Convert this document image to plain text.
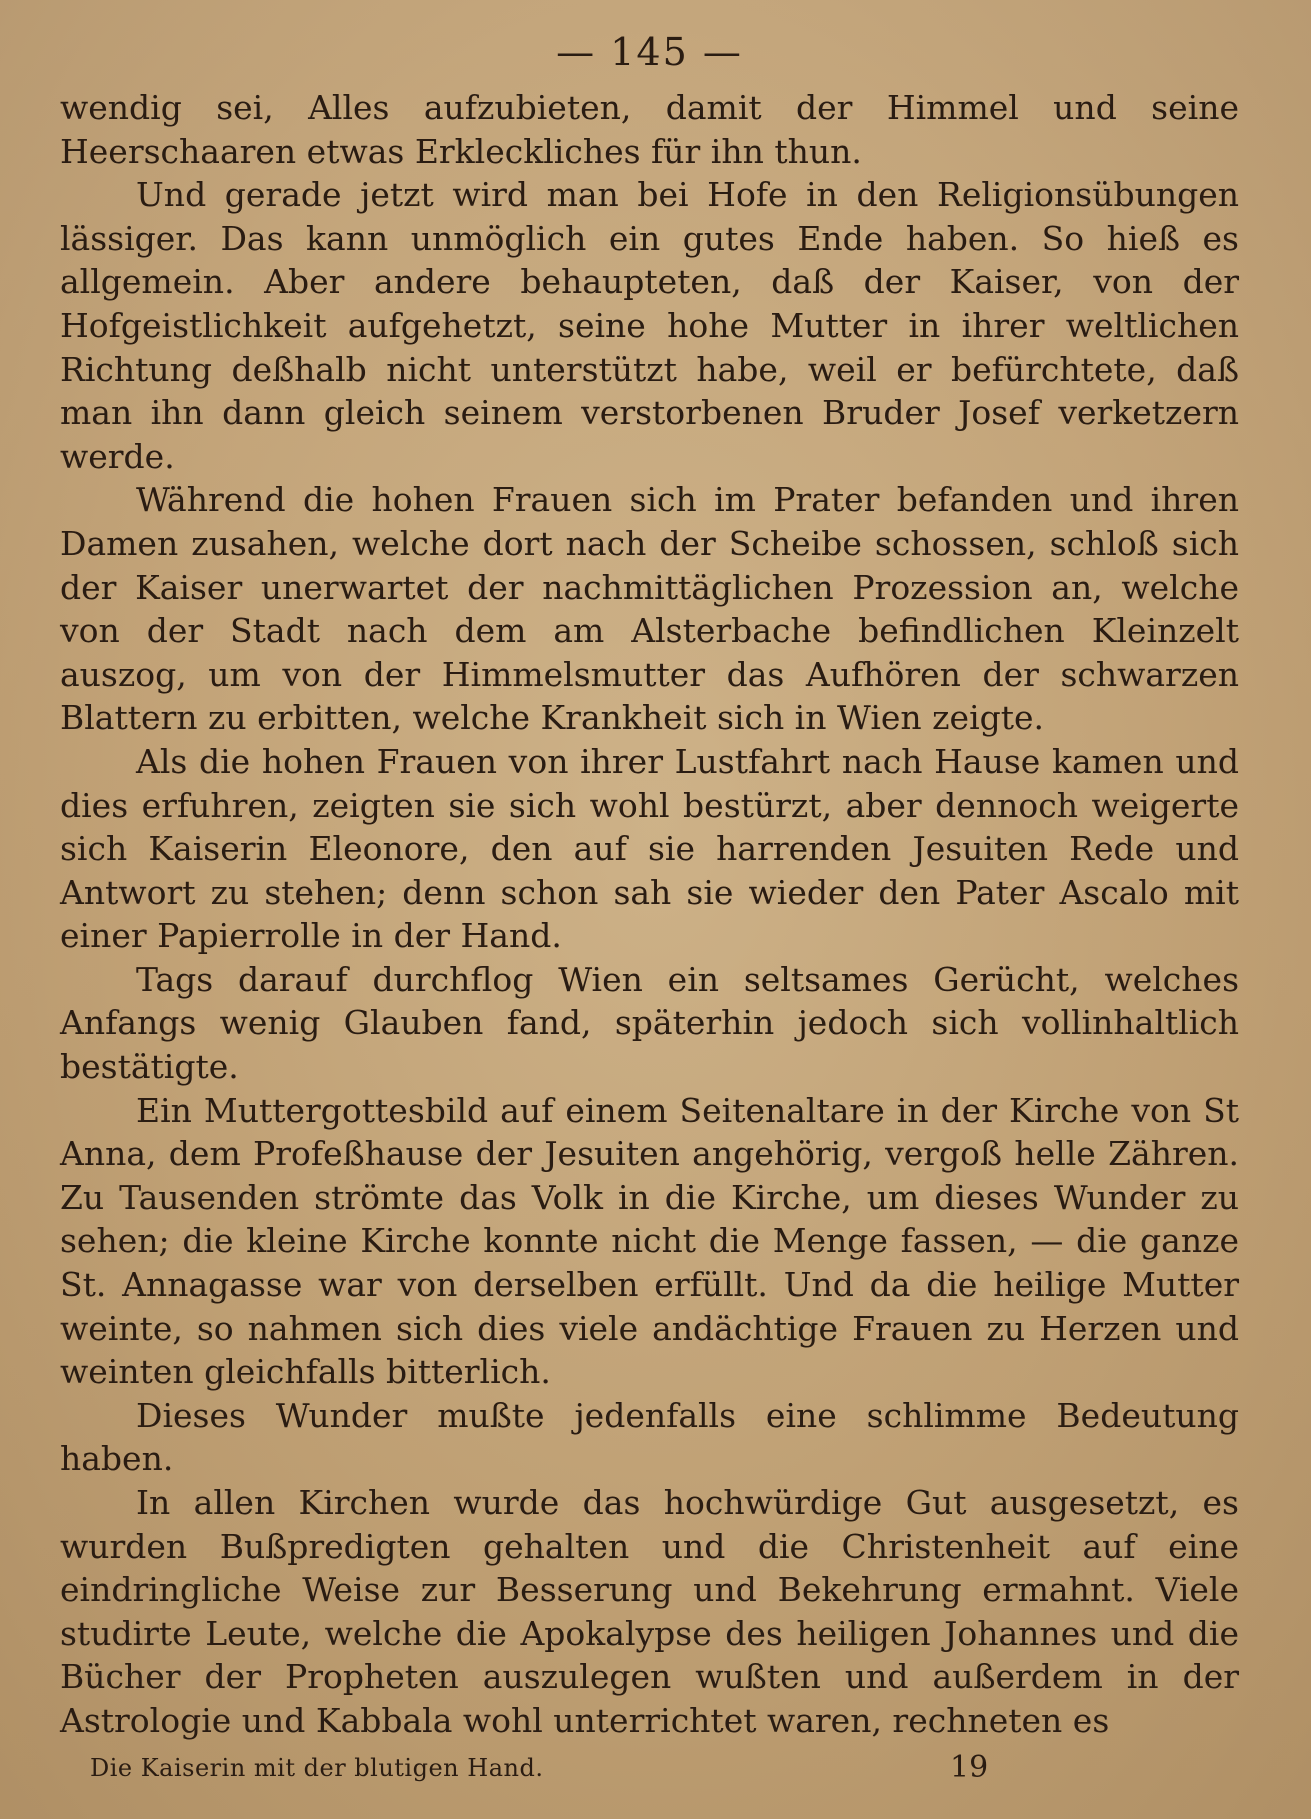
— 145 —

wendig sei, Alles aufzubieten, damit der Himmel und seine Heerschaaren etwas Erkleckliches für ihn thun.

Und gerade jetzt wird man bei Hofe in den Religionsübungen lässiger. Das kann unmöglich ein gutes Ende haben. So hieß es allgemein. Aber andere behaupteten, daß der Kaiser, von der Hofgeistlichkeit aufgehetzt, seine hohe Mutter in ihrer weltlichen Richtung deßhalb nicht unterstützt habe, weil er befürchtete, daß man ihn dann gleich seinem verstorbenen Bruder Josef verketzern werde.

Während die hohen Frauen sich im Prater befanden und ihren Damen zusahen, welche dort nach der Scheibe schossen, schloß sich der Kaiser unerwartet der nachmittäglichen Prozession an, welche von der Stadt nach dem am Alsterbache befindlichen Kleinzelt auszog, um von der Himmelsmutter das Aufhören der schwarzen Blattern zu erbitten, welche Krankheit sich in Wien zeigte.

Als die hohen Frauen von ihrer Lustfahrt nach Hause kamen und dies erfuhren, zeigten sie sich wohl bestürzt, aber dennoch weigerte sich Kaiserin Eleonore, den auf sie harrenden Jesuiten Rede und Antwort zu stehen; denn schon sah sie wieder den Pater Ascalo mit einer Papierrolle in der Hand.

Tags darauf durchflog Wien ein seltsames Gerücht, welches Anfangs wenig Glauben fand, späterhin jedoch sich vollinhaltlich bestätigte.

Ein Muttergottesbild auf einem Seitenaltare in der Kirche von St Anna, dem Profeßhause der Jesuiten angehörig, vergoß helle Zähren. Zu Tausenden strömte das Volk in die Kirche, um dieses Wunder zu sehen; die kleine Kirche konnte nicht die Menge fassen, — die ganze St. Annagasse war von derselben erfüllt. Und da die heilige Mutter weinte, so nahmen sich dies viele andächtige Frauen zu Herzen und weinten gleichfalls bitterlich.

Dieses Wunder mußte jedenfalls eine schlimme Bedeutung haben.

In allen Kirchen wurde das hochwürdige Gut ausgesetzt, es wurden Bußpredigten gehalten und die Christenheit auf eine eindringliche Weise zur Besserung und Bekehrung ermahnt. Viele studirte Leute, welche die Apokalypse des heiligen Johannes und die Bücher der Propheten auszulegen wußten und außerdem in der Astrologie und Kabbala wohl unterrichtet waren, rechneten es

Die Kaiserin mit der blutigen Hand.	19
